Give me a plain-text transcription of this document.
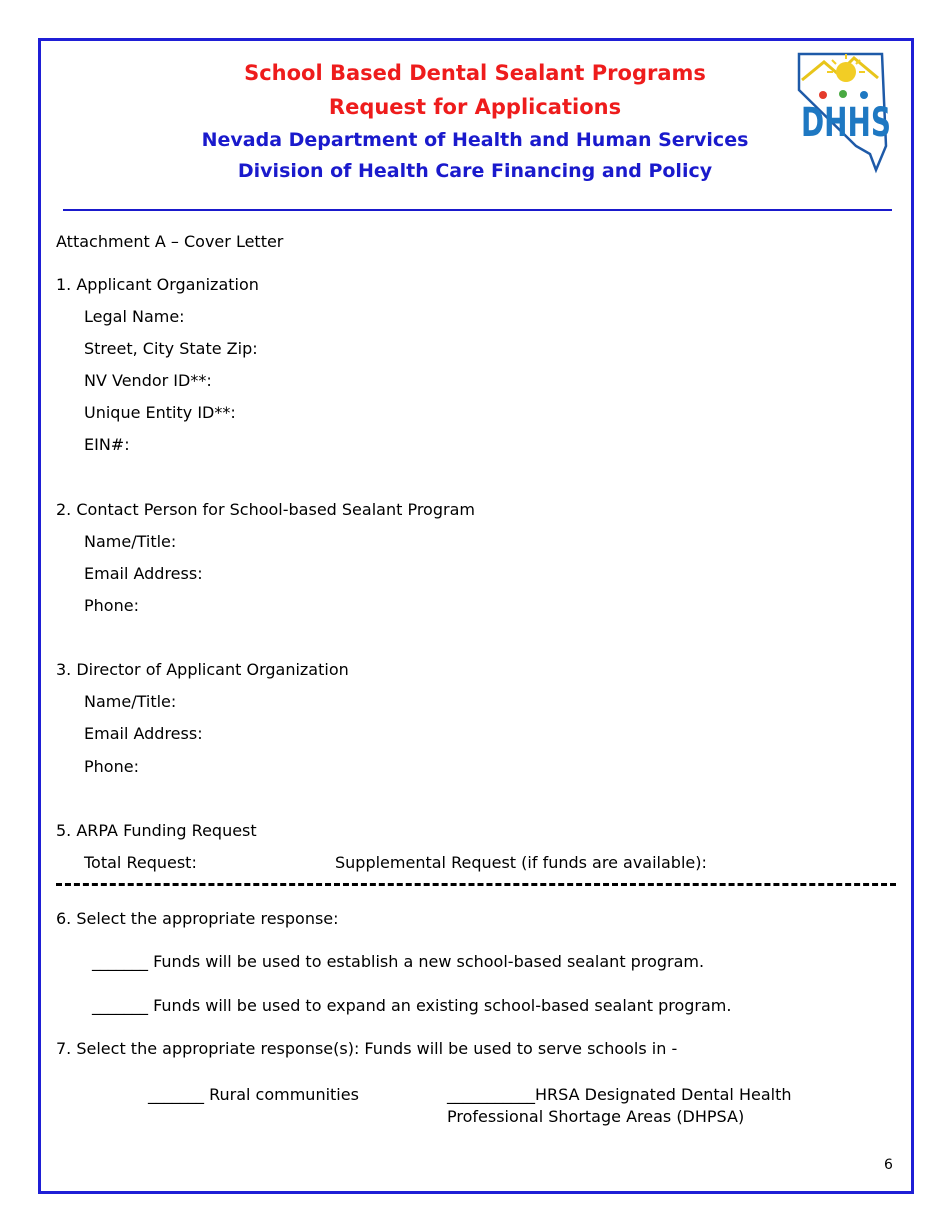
School Based Dental Sealant Programs
Request for Applications
Nevada Department of Health and Human Services
Division of Health Care Financing and Policy
DHHS
Attachment A – Cover Letter
1. Applicant Organization
Legal Name:
Street, City State Zip:
NV Vendor ID**:
Unique Entity ID**:
EIN#:
2. Contact Person for School-based Sealant Program
Name/Title:
Email Address:
Phone:
3. Director of Applicant Organization
Name/Title:
Email Address:
Phone:
5. ARPA Funding Request
Total Request:	Supplemental Request (if funds are available):
6. Select the appropriate response:
_______ Funds will be used to establish a new school-based sealant program.
_______ Funds will be used to expand an existing school-based sealant program.
7. Select the appropriate response(s): Funds will be used to serve schools in -
_______ Rural communities	___________HRSA Designated Dental Health
Professional Shortage Areas (DHPSA)
6
